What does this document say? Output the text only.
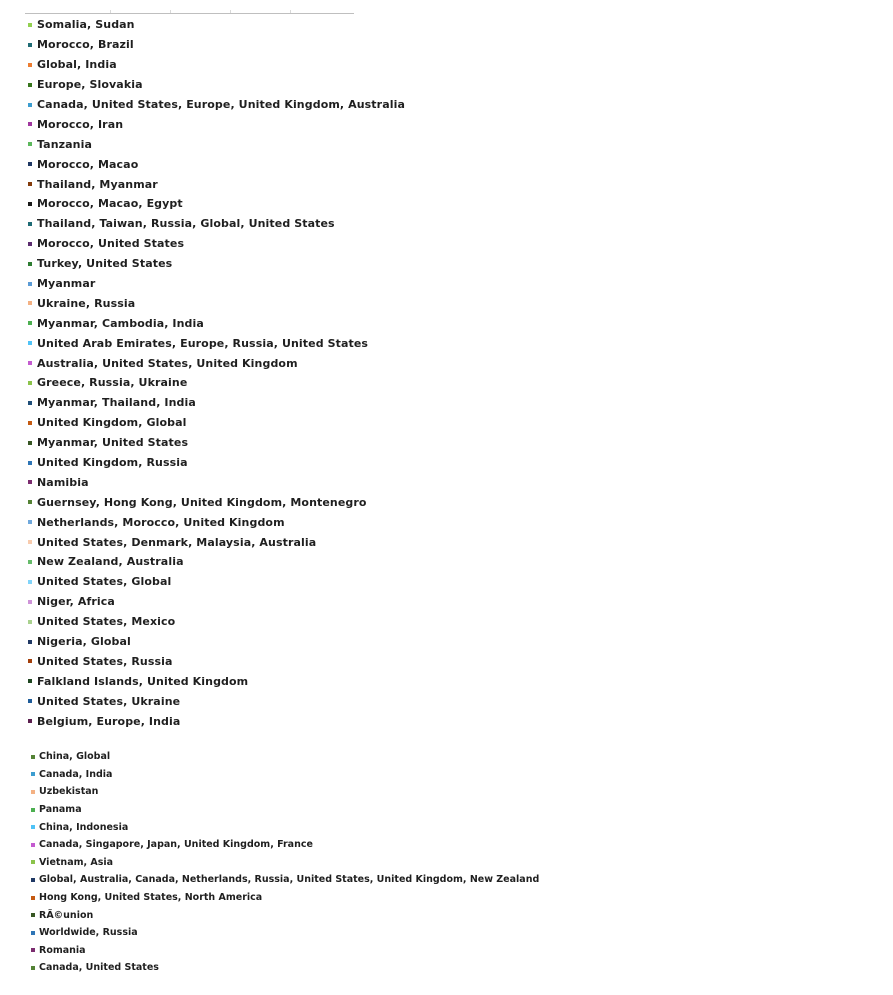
Somalia, Sudan
Morocco, Brazil
Global, India
Europe, Slovakia
Canada, United States, Europe, United Kingdom, Australia
Morocco, Iran
Tanzania
Morocco, Macao
Thailand, Myanmar
Morocco, Macao, Egypt
Thailand, Taiwan, Russia, Global, United States
Morocco, United States
Turkey, United States
Myanmar
Ukraine, Russia
Myanmar, Cambodia, India
United Arab Emirates, Europe, Russia, United States
Australia, United States, United Kingdom
Greece, Russia, Ukraine
Myanmar, Thailand, India
United Kingdom, Global
Myanmar, United States
United Kingdom, Russia
Namibia
Guernsey, Hong Kong, United Kingdom, Montenegro
Netherlands, Morocco, United Kingdom
United States, Denmark, Malaysia, Australia
New Zealand, Australia
United States, Global
Niger, Africa
United States, Mexico
Nigeria, Global
United States, Russia
Falkland Islands, United Kingdom
United States, Ukraine
Belgium, Europe, India
China, Global
Canada, India
Uzbekistan
Panama
China, Indonesia
Canada, Singapore, Japan, United Kingdom, France
Vietnam, Asia
Global, Australia, Canada, Netherlands, Russia, United States, United Kingdom, New Zealand
Hong Kong, United States, North America
RÃ©union
Worldwide, Russia
Romania
Canada, United States
